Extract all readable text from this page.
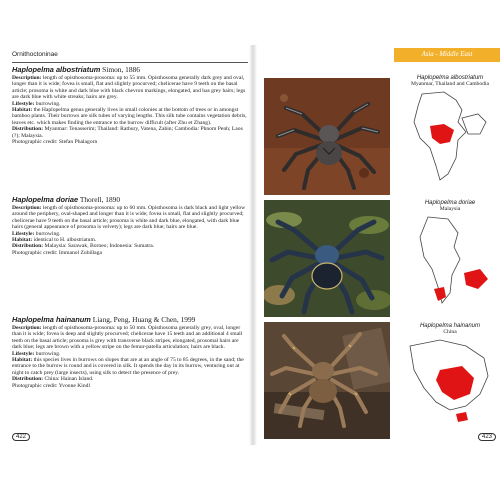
Ornithoctoninae

Haplopelma albostriatum Simon, 1886

Description: length of opisthosoma-prosoma: up to 55 mm. Opisthosoma generally dark grey and oval, longer than it is wide; fovea is small, flat and slightly procurved; chelicerae have 9 teeth on the basal article; prosoma is white and dark blue with black chevron markings, elongated, and has grey hairs; legs are dark blue with white streaks; hairs are grey.

Lifestyle: burrowing.

Habitat: the Haplopelma genus generally lives in small colonies at the bottom of trees or in amongst bamboo plants. Their burrows are silk tubes of varying lengths. This silk tube contains vegetation debris, leaves etc. which makes finding the entrance to the burrow difficult (after Zhu et Zhang).

Distribution: Myanmar: Tenasserim; Thailand: Ratbury, Vatena, Zabin; Cambodia: Phnom Penh; Laos (?); Malaysia.

Photographic credit: Stefan Phalagorn

Haplopelma doriae Thorell, 1890

Description: length of opisthosoma-prosoma: up to 60 mm. Opisthosoma is dark black and light yellow around the periphery, oval-shaped and longer than it is wide; fovea is small, flat and slightly procurved; chelicerae have 9 teeth on the basal article; prosoma is white and dark blue, elongated, with dark blue hairs (general appearance of prosoma is velvety); legs are dark blue; hairs are blue.

Lifestyle: burrowing.

Habitat: identical to H. albostriatum.

Distribution: Malaysia: Sarawak, Borneo; Indonesia: Sumatra.

Photographic credit: Immanol Zubillaga

Haplopelma hainanum Liang, Peng, Huang & Chen, 1999

Description: length of opisthosoma-prosoma: up to 50 mm. Opisthosoma generally grey, oval, longer than it is wide; fovea is deep and slightly procurved; chelicerae have 15 teeth and an additional 4 small teeth on the basal article; prosoma is grey with transverse black stripes, elongated, prosomal hairs are dark blue; legs are brown with a yellow stripe on the femur-patella articulation; hairs are black.

Lifestyle: burrowing.

Habitat: this species lives in burrows on slopes that are at an angle of 75 to 85 degrees, in the sand; the entrance to the burrow is round and is covered in silk. It spends the day in its burrow, venturing out at night to catch prey (large insects), using silk to detect the presence of prey.

Distribution: China: Hainan Island.

Photographic credit: Yvonne Kindl

422
Asia - Middle East
Haplopelma albostriatum
Myanmar, Thailand and Cambodia
Haplopelma doriae
Malaysia
Haplopelma hainanum
China
423
